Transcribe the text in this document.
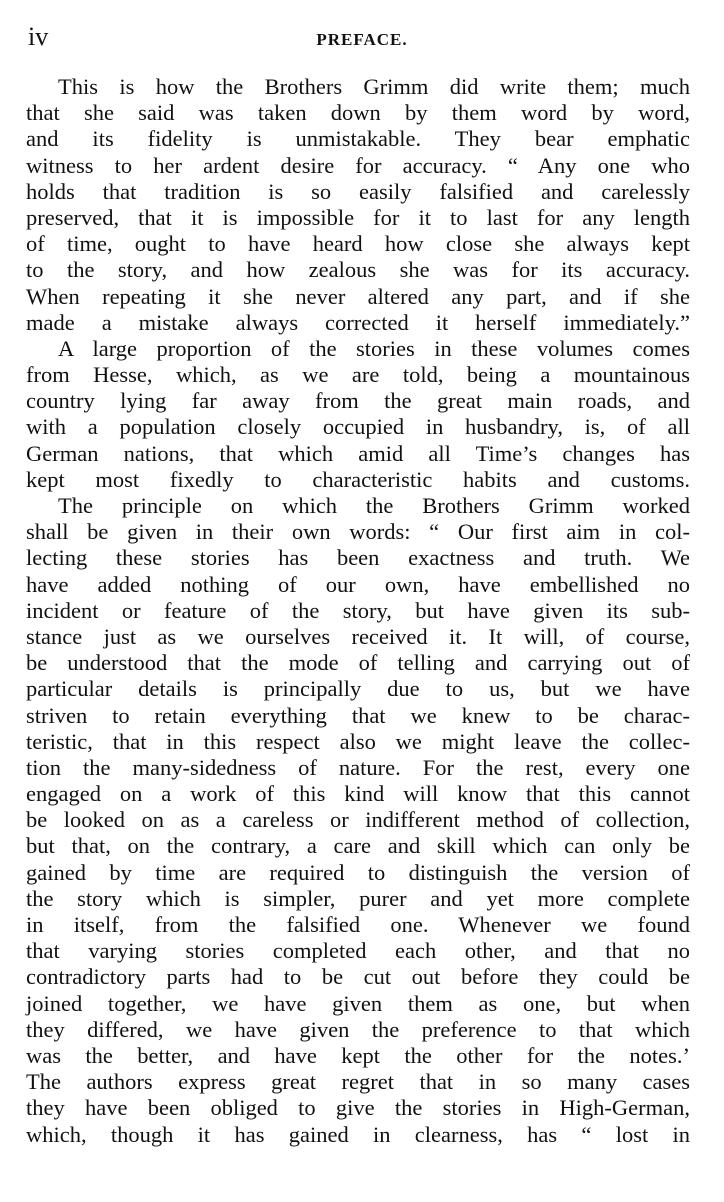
iv	PREFACE.
This is how the Brothers Grimm did write them; much
that she said was taken down by them word by word,
and its fidelity is unmistakable. They bear emphatic
witness to her ardent desire for accuracy. “ Any one who
holds that tradition is so easily falsified and carelessly
preserved, that it is impossible for it to last for any length
of time, ought to have heard how close she always kept
to the story, and how zealous she was for its accuracy.
When repeating it she never altered any part, and if she
made a mistake always corrected it herself immediately.”
A large proportion of the stories in these volumes comes
from Hesse, which, as we are told, being a mountainous
country lying far away from the great main roads, and
with a population closely occupied in husbandry, is, of all
German nations, that which amid all Time’s changes has
kept most fixedly to characteristic habits and customs.
The principle on which the Brothers Grimm worked
shall be given in their own words: “ Our first aim in col-
lecting these stories has been exactness and truth. We
have added nothing of our own, have embellished no
incident or feature of the story, but have given its sub-
stance just as we ourselves received it. It will, of course,
be understood that the mode of telling and carrying out of
particular details is principally due to us, but we have
striven to retain everything that we knew to be charac-
teristic, that in this respect also we might leave the collec-
tion the many-sidedness of nature. For the rest, every one
engaged on a work of this kind will know that this cannot
be looked on as a careless or indifferent method of collection,
but that, on the contrary, a care and skill which can only be
gained by time are required to distinguish the version of
the story which is simpler, purer and yet more complete
in itself, from the falsified one. Whenever we found
that varying stories completed each other, and that no
contradictory parts had to be cut out before they could be
joined together, we have given them as one, but when
they differed, we have given the preference to that which
was the better, and have kept the other for the notes.’
The authors express great regret that in so many cases
they have been obliged to give the stories in High-German,
which, though it has gained in clearness, has “ lost in
